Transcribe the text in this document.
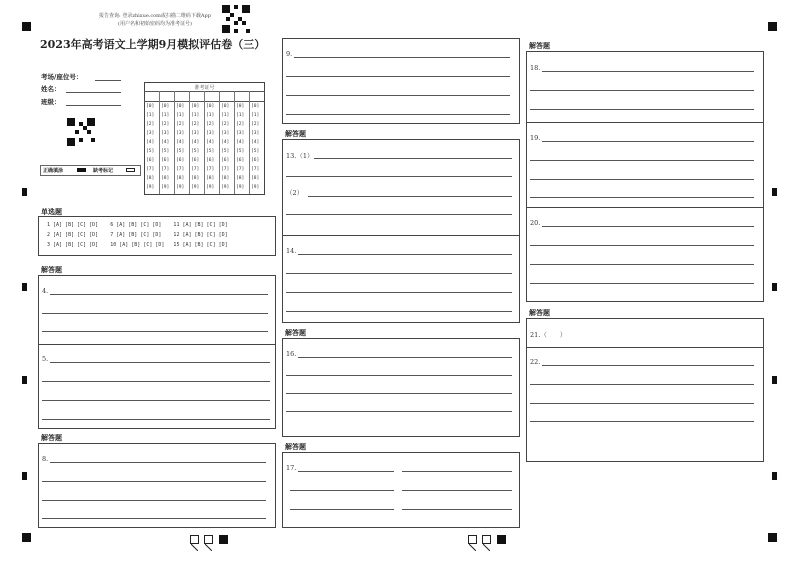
报告查询: 登录zhixue.com或扫描二维码下载App
(用户名和初始密码均为准考证号)
2023年高考语文上学期9月模拟评估卷（三）
考场/座位号：
姓名：
班级：
正确填涂	缺考标记
准考证号
[0]
[1]
[2]
[3]
[4]
[5]
[6]
[7]
[8]
[9]
[0]
[1]
[2]
[3]
[4]
[5]
[6]
[7]
[8]
[9]
[0]
[1]
[2]
[3]
[4]
[5]
[6]
[7]
[8]
[9]
[0]
[1]
[2]
[3]
[4]
[5]
[6]
[7]
[8]
[9]
[0]
[1]
[2]
[3]
[4]
[5]
[6]
[7]
[8]
[9]
[0]
[1]
[2]
[3]
[4]
[5]
[6]
[7]
[8]
[9]
[0]
[1]
[2]
[3]
[4]
[5]
[6]
[7]
[8]
[9]
[0]
[1]
[2]
[3]
[4]
[5]
[6]
[7]
[8]
[9]
单选题
1 [A] [B] [C] [D]    6 [A] [B] [C] [D]    11 [A] [B] [C] [D]
2 [A] [B] [C] [D]    7 [A] [B] [C] [D]    12 [A] [B] [C] [D]
3 [A] [B] [C] [D]    10 [A] [B] [C] [D]   15 [A] [B] [C] [D]
解答题
4.
5.
解答题
8.
9.
解答题
13.（1）
（2）
14.
解答题
16.
解答题
17.
解答题
18.
19.
20.
解答题
21.（　　）
22.
